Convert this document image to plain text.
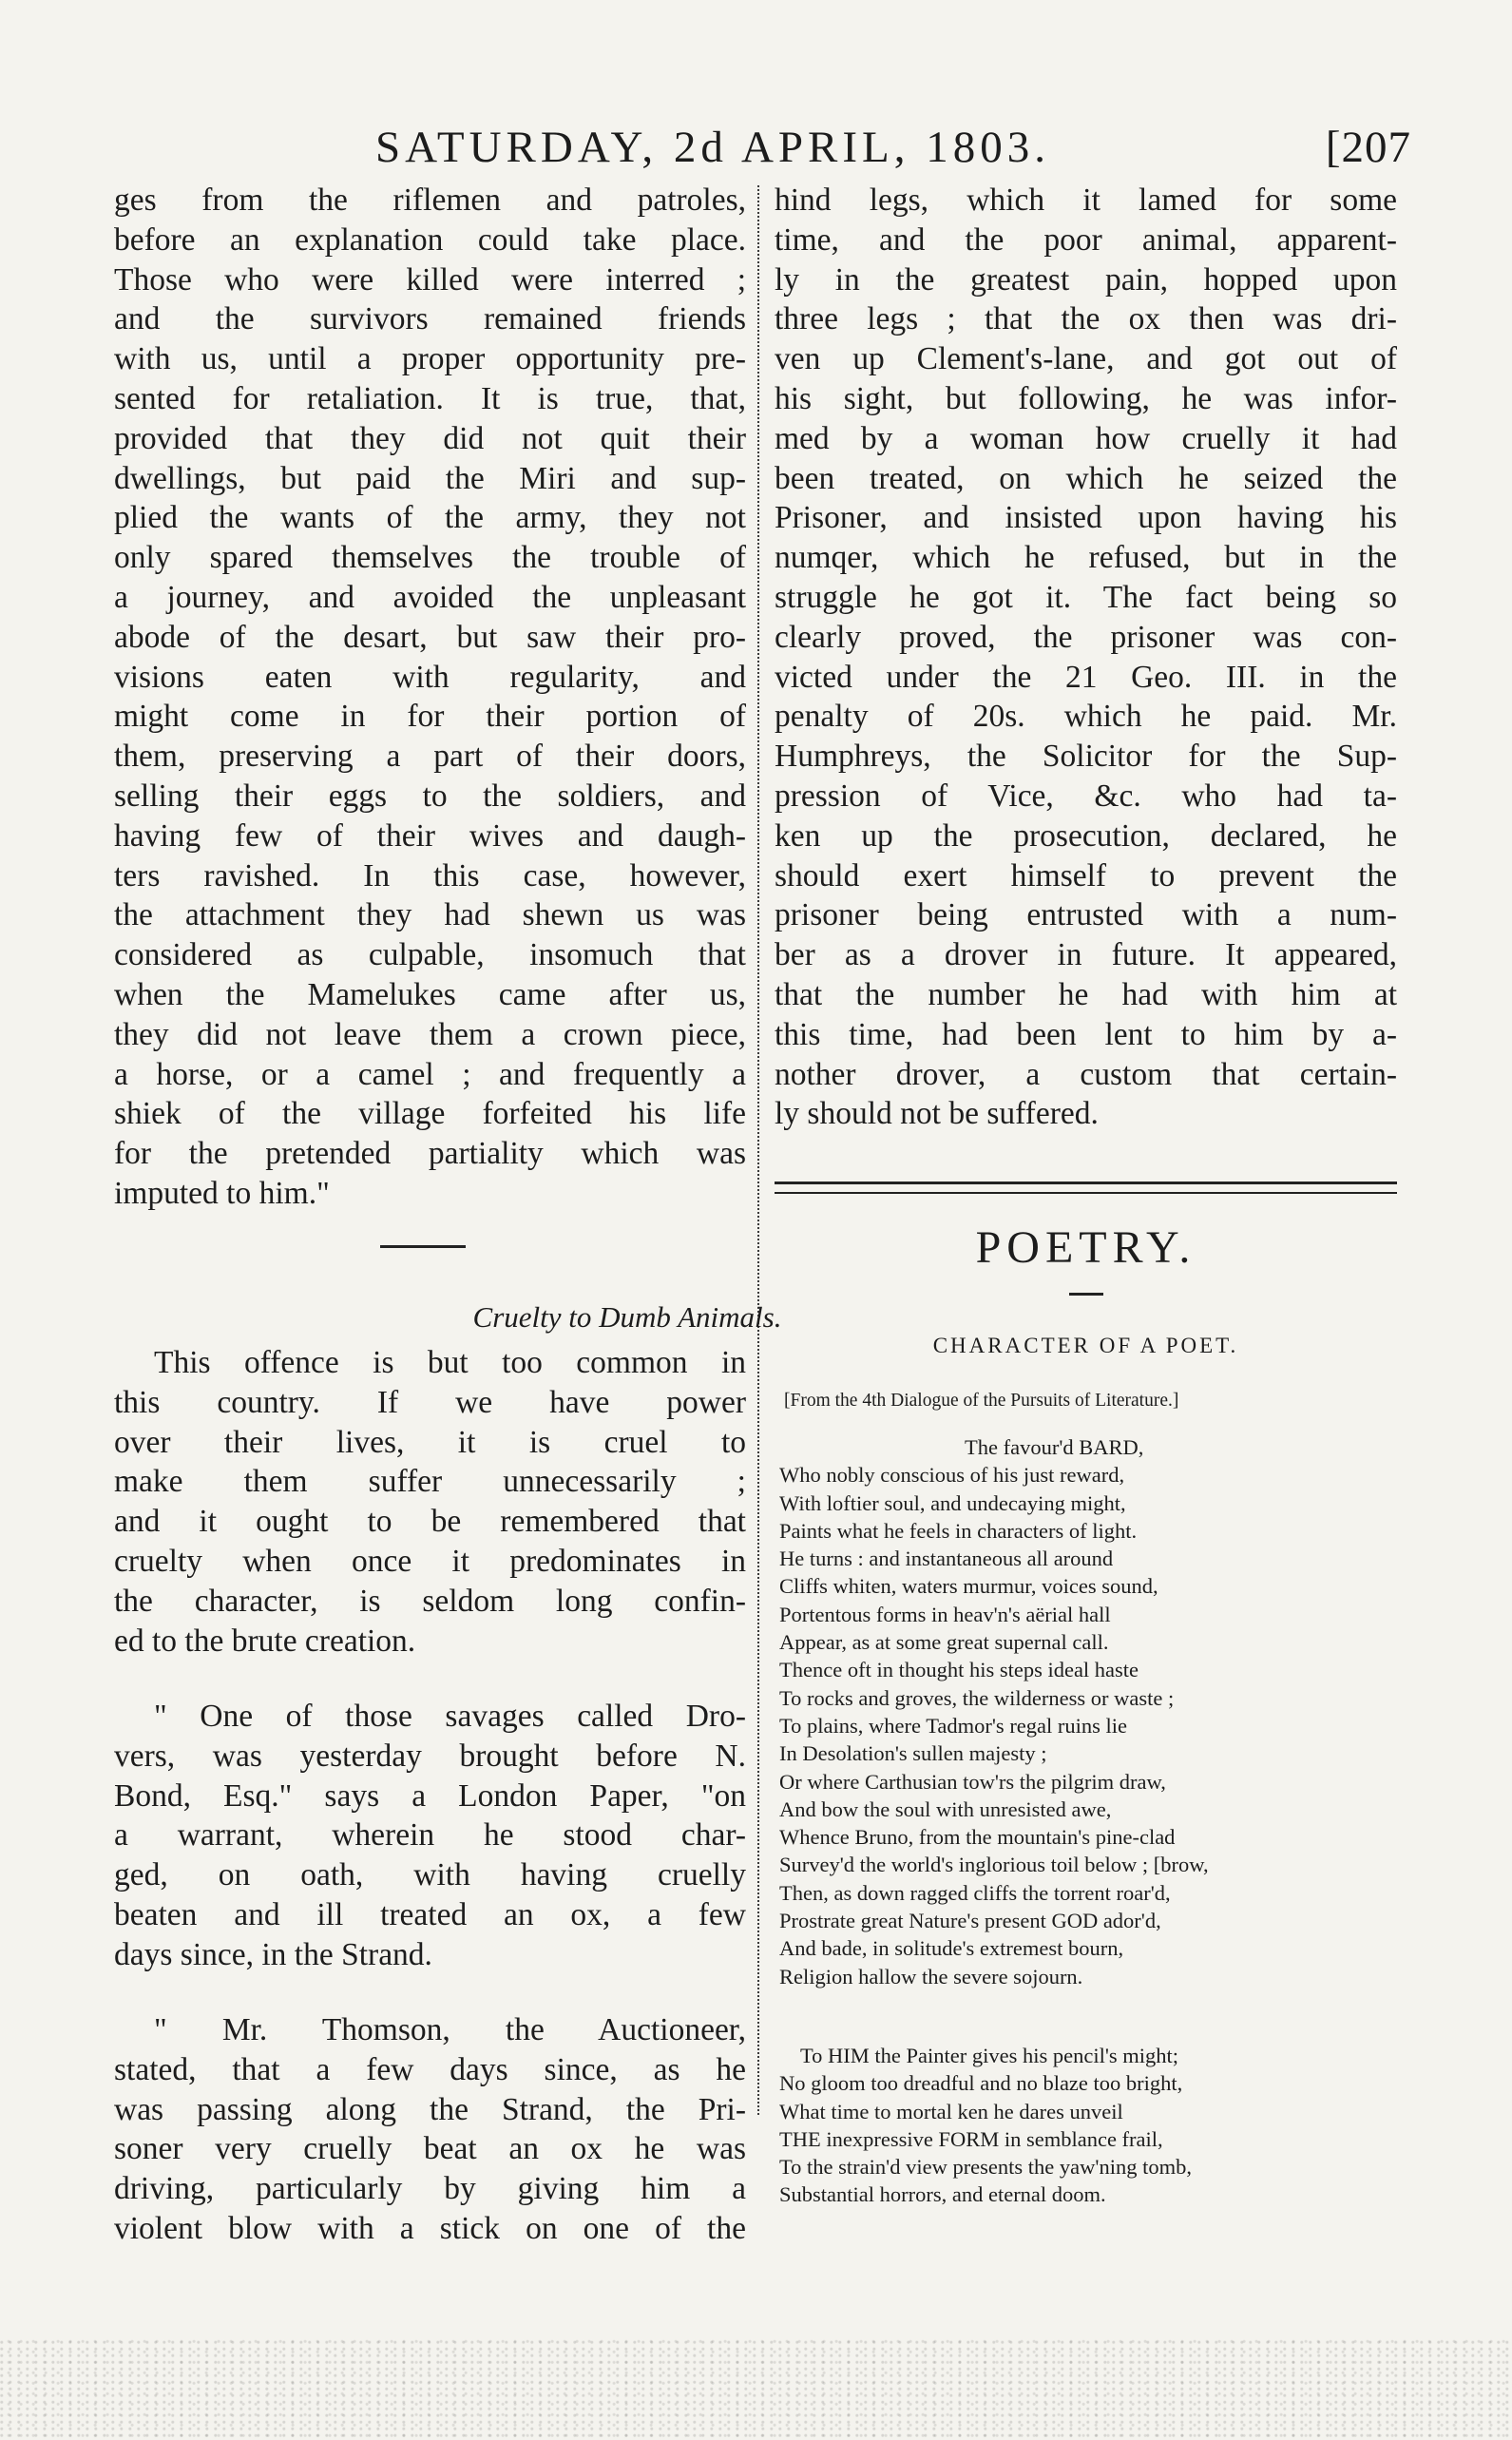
SATURDAY, 2d APRIL, 1803.	[207
ges from the riflemen and patroles,
before an explanation could take place.
Those who were killed were interred ;
and the survivors remained friends
with us, until a proper opportunity pre-
sented for retaliation. It is true, that,
provided that they did not quit their
dwellings, but paid the Miri and sup-
plied the wants of the army, they not
only spared themselves the trouble of
a journey, and avoided the unpleasant
abode of the desart, but saw their pro-
visions eaten with regularity, and
might come in for their portion of
them, preserving a part of their doors,
selling their eggs to the soldiers, and
having few of their wives and daugh-
ters ravished. In this case, however,
the attachment they had shewn us was
considered as culpable, insomuch that
when the Mamelukes came after us,
they did not leave them a crown piece,
a horse, or a camel ; and frequently a
shiek of the village forfeited his life
for the pretended partiality which was
imputed to him."
Cruelty to Dumb Animals.
This offence is but too common in
this country. If we have power
over their lives, it is cruel to
make them suffer unnecessarily ;
and it ought to be remembered that
cruelty when once it predominates in
the character, is seldom long confin-
ed to the brute creation.
" One of those savages called Dro-
vers, was yesterday brought before N.
Bond, Esq." says a London Paper, "on
a warrant, wherein he stood char-
ged, on oath, with having cruelly
beaten and ill treated an ox, a few
days since, in the Strand.
" Mr. Thomson, the Auctioneer,
stated, that a few days since, as he
was passing along the Strand, the Pri-
soner very cruelly beat an ox he was
driving, particularly by giving him a
violent blow with a stick on one of the
hind legs, which it lamed for some
time, and the poor animal, apparent-
ly in the greatest pain, hopped upon
three legs ; that the ox then was dri-
ven up Clement's-lane, and got out of
his sight, but following, he was infor-
med by a woman how cruelly it had
been treated, on which he seized the
Prisoner, and insisted upon having his
numqer, which he refused, but in the
struggle he got it. The fact being so
clearly proved, the prisoner was con-
victed under the 21 Geo. III. in the
penalty of 20s. which he paid. Mr.
Humphreys, the Solicitor for the Sup-
pression of Vice, &c. who had ta-
ken up the prosecution, declared, he
should exert himself to prevent the
prisoner being entrusted with a num-
ber as a drover in future. It appeared,
that the number he had with him at
this time, had been lent to him by a-
nother drover, a custom that certain-
ly should not be suffered.
POETRY.
CHARACTER OF A POET.
[From the 4th Dialogue of the Pursuits of Literature.]
The favour'd BARD,
Who nobly conscious of his just reward,
With loftier soul, and undecaying might,
Paints what he feels in characters of light.
He turns : and instantaneous all around
Cliffs whiten, waters murmur, voices sound,
Portentous forms in heav'n's aërial hall
Appear, as at some great supernal call.
Thence oft in thought his steps ideal haste
To rocks and groves, the wilderness or waste ;
To plains, where Tadmor's regal ruins lie
In Desolation's sullen majesty ;
Or where Carthusian tow'rs the pilgrim draw,
And bow the soul with unresisted awe,
Whence Bruno, from the mountain's pine-clad
Survey'd the world's inglorious toil below ; [brow,
Then, as down ragged cliffs the torrent roar'd,
Prostrate great Nature's present GOD ador'd,
And bade, in solitude's extremest bourn,
Religion hallow the severe sojourn.
To HIM the Painter gives his pencil's might;
No gloom too dreadful and no blaze too bright,
What time to mortal ken he dares unveil
THE inexpressive FORM in semblance frail,
To the strain'd view presents the yaw'ning tomb,
Substantial horrors, and eternal doom.
